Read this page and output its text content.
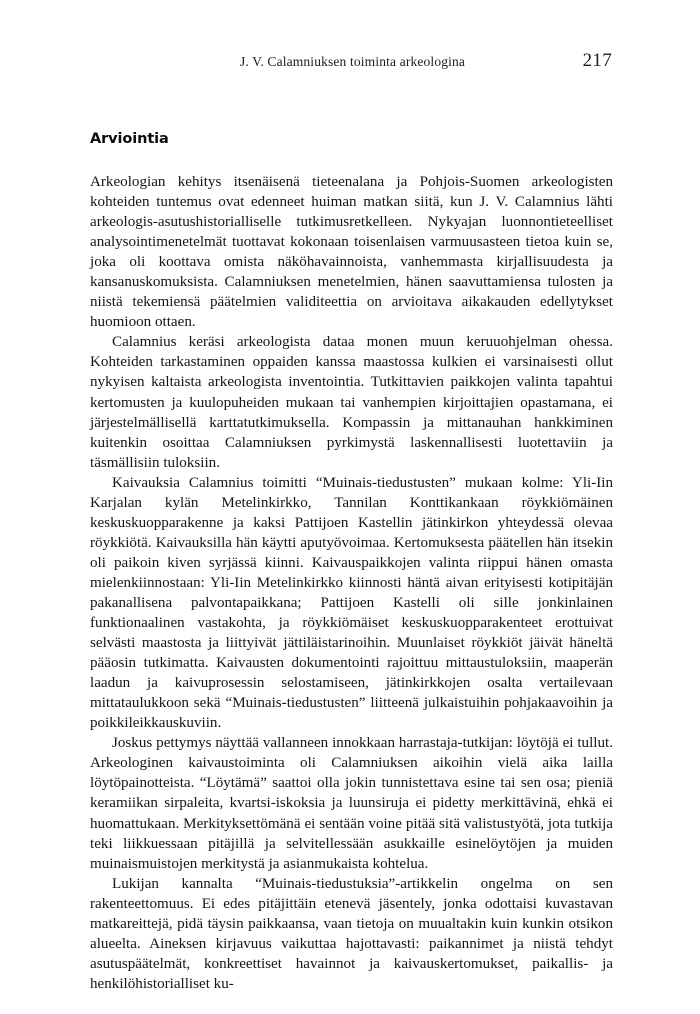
J. V. Calamniuksen toiminta arkeologina	217
Arviointia

Arkeologian kehitys itsenäisenä tieteenalana ja Pohjois-Suomen arkeologisten kohteiden tuntemus ovat edenneet huiman matkan siitä, kun J. V. Calamnius lähti arkeologis-asutushistorialliselle tutkimusretkelleen. Nykyajan luonnontieteelliset analysointimenetelmät tuottavat kokonaan toisenlaisen varmuusasteen tietoa kuin se, joka oli koottava omista näköhavainnoista, vanhemmasta kirjallisuudesta ja kansanuskomuksista. Calamniuksen menetelmien, hänen saavuttamiensa tulosten ja niistä tekemiensä päätelmien validiteettia on arvioitava aikakauden edellytykset huomioon ottaen.

Calamnius keräsi arkeologista dataa monen muun keruuohjelman ohessa. Kohteiden tarkastaminen oppaiden kanssa maastossa kulkien ei varsinaisesti ollut nykyisen kaltaista arkeologista inventointia. Tutkittavien paikkojen valinta tapahtui kertomusten ja kuulopuheiden mukaan tai vanhempien kirjoittajien opastamana, ei järjestelmällisellä karttatutkimuksella. Kompassin ja mittanauhan hankkiminen kuitenkin osoittaa Calamniuksen pyrkimystä laskennallisesti luotettaviin ja täsmällisiin tuloksiin.

Kaivauksia Calamnius toimitti “Muinais-tiedustusten” mukaan kolme: Yli-Iin Karjalan kylän Metelinkirkko, Tannilan Konttikankaan röykkiömäinen keskuskuopparakenne ja kaksi Pattijoen Kastellin jätinkirkon yhteydessä olevaa röykkiötä. Kaivauksilla hän käytti aputyövoimaa. Kertomuksesta päätellen hän itsekin oli paikoin kiven syrjässä kiinni. Kaivauspaikkojen valinta riippui hänen omasta mielenkiinnostaan: Yli-Iin Metelinkirkko kiinnosti häntä aivan erityisesti kotipitäjän pakanallisena palvontapaikkana; Pattijoen Kastelli oli sille jonkinlainen funktionaalinen vastakohta, ja röykkiömäiset keskuskuopparakenteet erottuivat selvästi maastosta ja liittyivät jättiläistarinoihin. Muunlaiset röykkiöt jäivät häneltä pääosin tutkimatta. Kaivausten dokumentointi rajoittuu mittaustuloksiin, maaperän laadun ja kaivuprosessin selostamiseen, jätinkirkkojen osalta vertailevaan mittataulukkoon sekä “Muinais-tiedustusten” liitteenä julkaistuihin pohjakaavoihin ja poikkileikkauskuviin.

Joskus pettymys näyttää vallanneen innokkaan harrastaja-tutkijan: löytöjä ei tullut. Arkeologinen kaivaustoiminta oli Calamniuksen aikoihin vielä aika lailla löytöpainotteista. “Löytämä” saattoi olla jokin tunnistettava esine tai sen osa; pieniä keramiikan sirpaleita, kvartsi-iskoksia ja luunsiruja ei pidetty merkittävinä, ehkä ei huomattukaan. Merkityksettömänä ei sentään voine pitää sitä valistustyötä, jota tutkija teki liikkuessaan pitäjillä ja selvitellessään asukkaille esinelöytöjen ja muiden muinaismuistojen merkitystä ja asianmukaista kohtelua.

Lukijan kannalta “Muinais-tiedustuksia”-artikkelin ongelma on sen rakenteettomuus. Ei edes pitäjittäin etenevä jäsentely, jonka odottaisi kuvastavan matkareittejä, pidä täysin paikkaansa, vaan tietoja on muualtakin kuin kunkin otsikon alueelta. Aineksen kirjavuus vaikuttaa hajottavasti: paikannimet ja niistä tehdyt asutuspäätelmät, konkreettiset havainnot ja kaivauskertomukset, paikallis- ja henkilöhistorialliset ku-
